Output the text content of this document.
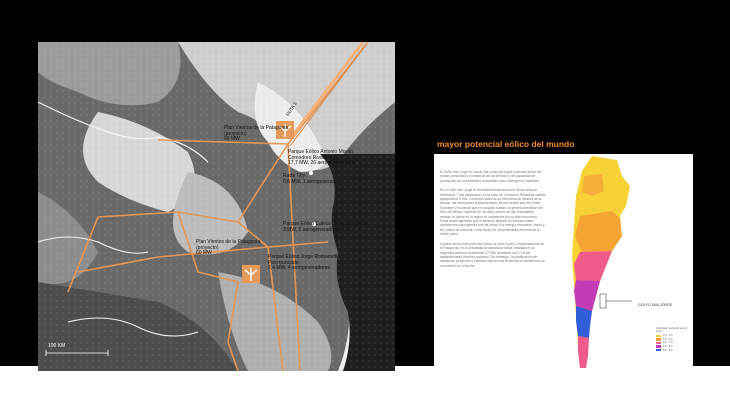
Parque Eólico Antonio Morán
Comodoro Rivadavia
17,7 MW, 26 aerogeneradores
Rada Tilly
0,6 MW, 1 aerogenerador
Parque Eólico Caleta Olivia (proyecto)
3 MW, 5 aerogeneradores
Parque Eólico Jorge Romanutti
Pico truncado
2,4 MW, 4 aerogeneradores
Plan Vientos de la Patagonia
(proyecto)
60 MW
Plan Vientos de la Patagonia
(proyecto)
60 MW
100 KM
RUTA 3
mayor potencial eólico del mundo

El Golfo San Jorge es una de las zonas de mayor potencial eólico del mundo (velocidad y constancia de los vientos) y de capacidad de producción de combustibles renovables como hidrógeno y biodiesel.

En el Golfo San Jorge la velocidad media anual del viento está por encima de 7 m/s alcanzando en la zona de Comodoro Rivadavia valores superiores a 9 m/s. Conforme datos de la Secretaría de Minería de la Nación, las direcciones preponderantes de los vientos son del Oeste, Sudoeste y Noroeste que en conjunto suman un general alrededor del 80% del tiempo. Además de los altos valores de las velocidades medias, el viento en la región se caracteriza por su alta frecuencia. Estos datos significan que el territorio dispone de excepcionales condiciones para quienes han de tomar a la energía renovable, limpia y sin costos de insumos, como factor de competitividad del territorio a medio plazo.

A pesar del enorme potencial eólico de todo el país y especialmente de la Patagonia, en la actualidad la capacidad eólica instalada en la Argentina alcanza únicamente 27 MW, alrededor del 0,1% del abastecimiento eléctrico nacional. Sin embargo, la planificación de iniciativas, proyectos y estudios indican una tendencia al crecimiento de la inversión en el sector.

GOLFO SAN JORGE
Velocidad media del viento (m/s)
4,5 - 5,5
5,5 - 6,5
6,5 - 7,5
7,5 - 8,5
8,5 - 9,5
